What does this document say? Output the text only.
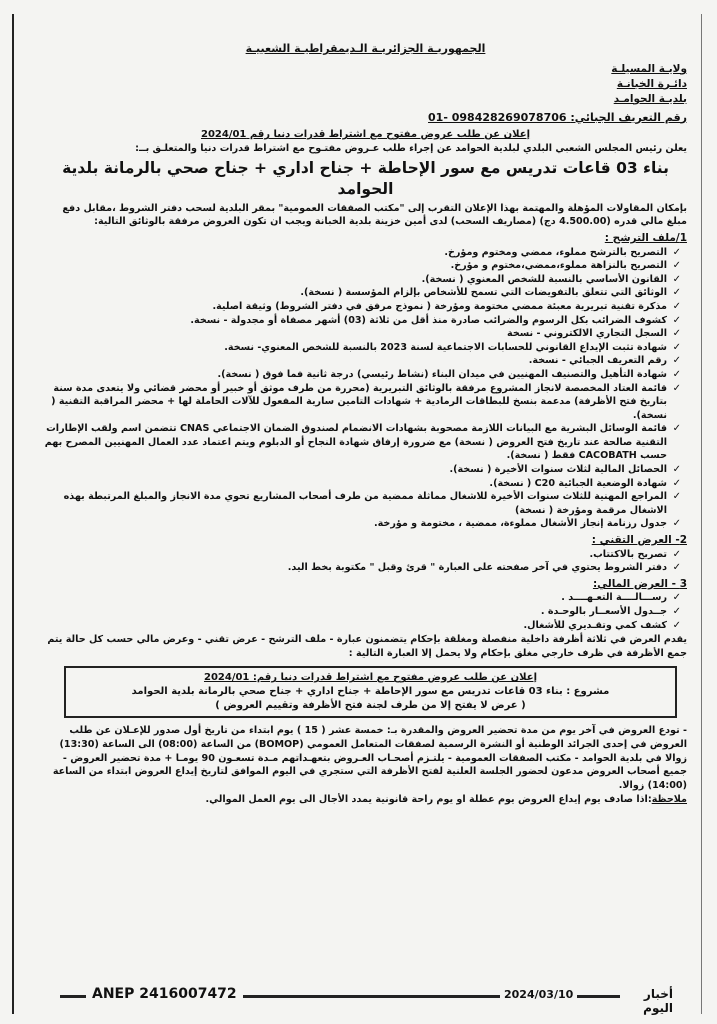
الجمهوريـة الجزائريـة الـديمقراطيـة الشعبيـة
ولايـة المسيلـة
دائـرة الخبانـة
بلديـة الحوامـد
رقم التعريف الجبائي: 01- 098428269078706
إعلان عن طلب عروض مفتوح مع اشتراط قدرات دنيا رقم 2024/01
يعلن رئيس المجلس الشعبي البلدي لبلدية الحوامد عن إجراء طلب عـروض مفتـوح مع اشتراط قدرات دنيا والمتعلـق بــ:
بناء 03 قاعات تدريس مع سور الإحاطة + جناح اداري + جناح صحي بالرمانة بلدية الحوامد
بإمكان المقاولات المؤهلة والمهتمة بهذا الإعلان التقرب إلى "مكتب الصفقات العمومية" بمقر البلدية لسحب دفتر الشروط ،مقابل دفع مبلغ مالي قدره (4.500.00 دج) (مصاريف السحب) لدى أمين خزينة بلدية الخبانة ويجب ان تكون العروض مرفقة بالوثائق التالية:
1/ملف الترشح :
✓ التصريح بالترشح مملوء، ممضي ومختوم ومؤرخ.
✓ التصريح بالنزاهة مملوء،ممضي،مختوم و مؤرخ.
✓ القانون الأساسي بالنسبة للشخص المعنوي ( نسخة).
✓ الوثائق التي تتعلق بالتفويضات التي تسمح للأشخاص بإلزام المؤسسة ( نسخة).
✓ مذكرة تقنية تبريرية معبئة ممضي مختومة ومؤرخة ( نموذج مرفق في دفتر الشروط) وثيقة اصلية.
✓ كشوف الضرائب بكل الرسوم والضرائب صادرة منذ أقل من ثلاثة (03) أشهر مصفاة أو مجدولة - نسخة.
✓ السجل التجاري الالكتروني - نسخة
✓ شهادة تثبت الإيداع القانوني للحسابات الاجتماعية لسنة 2023 بالنسبة للشخص المعنوي- نسخة.
✓ رقم التعريف الجبائي - نسخة.
✓ شهادة التأهيل والتصنيف المهنيين في ميدان البناء (نشاط رئيسي) درجة ثانية فما فوق ( نسخة).
✓ قائمة العتاد المخصصة لانجاز المشروع مرفقة بالوثائق التبريرية (محررة من طرف موثق أو خبير أو محضر قضائي ولا يتعدى مدة سنة بتاريخ فتح الأظرفة) مدعمة بنسخ للبطاقات الرمادية + شهادات التامين سارية المفعول للآلات الحاملة لها + محضر المراقبة التقنية ( نسخة).
✓ قائمة الوسائل البشرية مع البيانات اللازمة مصحوبة بشهادات الانضمام لصندوق الضمان الاجتماعي CNAS تتضمن اسم ولقب الإطارات التقنية صالحة عند تاريخ فتح العروض ( نسخة) مع ضرورة إرفاق شهادة النجاح أو الدبلوم ويتم اعتماد عدد العمال المهنيين المصرح بهم حسب CACOBATH فقط ( نسخة).
✓ الحصائل المالية لثلاث سنوات الأخيرة ( نسخة).
✓ شهادة الوضعية الجبائية C20 ( نسخة).
✓ المراجع المهنية للثلاث سنوات الأخيرة للاشغال مماثلة ممضية من طرف أصحاب المشاريع تحوي مدة الانجاز والمبلغ المرتبطة بهذه الاشغال مرقمة ومؤرخة ( نسخة)
✓ جدول رزنامة إنجاز الأشغال مملوءة، ممضية ، مختومة و مؤرخة.
2- العرض التقني :
✓ تصريح بالاكتتاب.
✓ دفتر الشروط يحتوي في آخر صفحته على العبارة " قرئ وقبل " مكتوبة بخط اليد.
3 - العرض المالي:
✓ رســـالــــة التعـهــــد .
✓ جــدول الأسعــار بالوحـدة .
✓ كشف كمي وتقـديري للأشغال.
يقدم العرض في ثلاثة أظرفة داخلية منفصلة ومغلقة بإحكام يتضمنون عبارة - ملف الترشح - عرض تقني - وعرض مالي حسب كل حالة يتم جمع الأظرفة في ظرف خارجي مغلق بإحكام ولا يحمل إلا العبارة التالية :
إعلان عن طلب عروض مفتوح مع اشتراط قدرات دنيا رقم: 2024/01
مشروع : بناء 03 قاعات تدريس مع سور الإحاطة + جناح اداري + جناح صحي بالرمانة بلدية الحوامد
( عرض لا يفتح إلا من طرف لجنة فتح الأظرفة وتقييم العروض )
- تودع العروض في آخر يوم من مدة تحضير العروض والمقدرة بـ: خمسة عشر ( 15 ) يوم ابتداء من تاريخ أول صدور للإعـلان عن طلب العروض في إحدى الجرائد الوطنية أو النشرة الرسمية لصفقات المتعامل العمومي (BOMOP) من الساعة (08:00) الى الساعة (13:30) زوالا في بلدية الحوامد - مكتب الصفقات العمومية - يلتـزم أصحـاب العـروض بتعهـداتهم مـدة تسعـون 90 يومـا + مدة تحضير العروض - جميع أصحاب العروض مدعون لحضور الجلسة العلنية لفتح الأظرفة التي ستجري في اليوم الموافق لتاريخ إيداع العروض ابتداء من الساعة (14:00) زوالا.
ملاحظة:اذا صادف يوم إيداع العروض يوم عطلة او يوم راحة قانونية يمدد الأجال الى يوم العمل الموالي.
ANEP 2416007472	2024/03/10	أخبار اليوم
